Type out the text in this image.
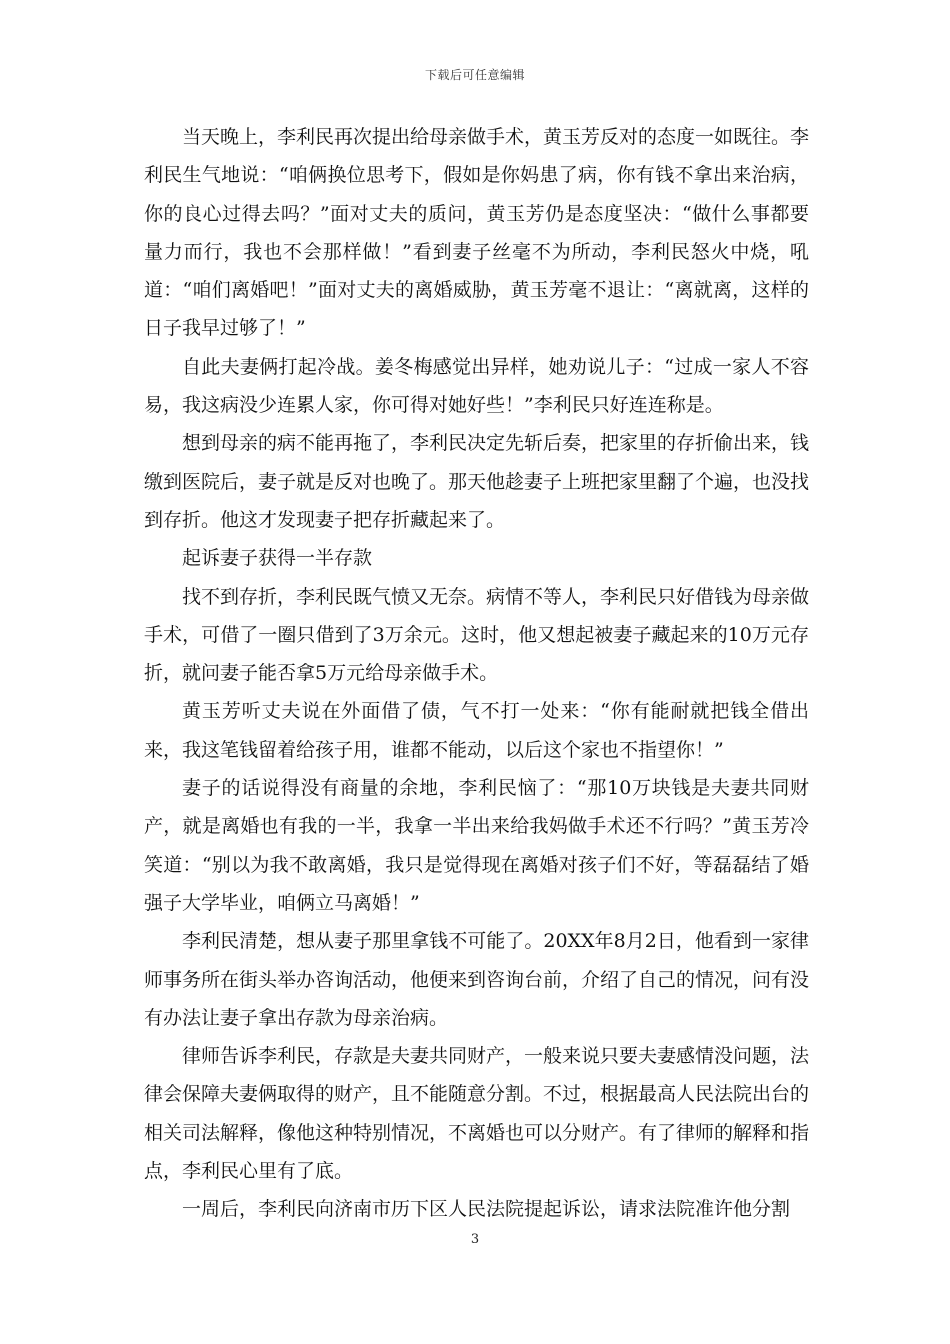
下载后可任意编辑

当天晚上，李利民再次提出给母亲做手术，黄玉芳反对的态度一如既往。李利民生气地说：“咱俩换位思考下，假如是你妈患了病，你有钱不拿出来治病，你的良心过得去吗？”面对丈夫的质问，黄玉芳仍是态度坚决：“做什么事都要量力而行，我也不会那样做！”看到妻子丝毫不为所动，李利民怒火中烧，吼道：“咱们离婚吧！”面对丈夫的离婚威胁，黄玉芳毫不退让：“离就离，这样的日子我早过够了！”

自此夫妻俩打起冷战。姜冬梅感觉出异样，她劝说儿子：“过成一家人不容易，我这病没少连累人家，你可得对她好些！”李利民只好连连称是。

想到母亲的病不能再拖了，李利民决定先斩后奏，把家里的存折偷出来，钱缴到医院后，妻子就是反对也晚了。那天他趁妻子上班把家里翻了个遍，也没找到存折。他这才发现妻子把存折藏起来了。

起诉妻子获得一半存款

找不到存折，李利民既气愤又无奈。病情不等人，李利民只好借钱为母亲做手术，可借了一圈只借到了3万余元。这时，他又想起被妻子藏起来的10万元存折，就问妻子能否拿5万元给母亲做手术。

黄玉芳听丈夫说在外面借了债，气不打一处来：“你有能耐就把钱全借出来，我这笔钱留着给孩子用，谁都不能动，以后这个家也不指望你！”

妻子的话说得没有商量的余地，李利民恼了：“那10万块钱是夫妻共同财产，就是离婚也有我的一半，我拿一半出来给我妈做手术还不行吗？”黄玉芳冷笑道：“别以为我不敢离婚，我只是觉得现在离婚对孩子们不好，等磊磊结了婚强子大学毕业，咱俩立马离婚！”

李利民清楚，想从妻子那里拿钱不可能了。20XX年8月2日，他看到一家律师事务所在街头举办咨询活动，他便来到咨询台前，介绍了自己的情况，问有没有办法让妻子拿出存款为母亲治病。

律师告诉李利民，存款是夫妻共同财产，一般来说只要夫妻感情没问题，法律会保障夫妻俩取得的财产，且不能随意分割。不过，根据最高人民法院出台的相关司法解释，像他这种特别情况，不离婚也可以分财产。有了律师的解释和指点，李利民心里有了底。

一周后，李利民向济南市历下区人民法院提起诉讼，请求法院准许他分割

3
